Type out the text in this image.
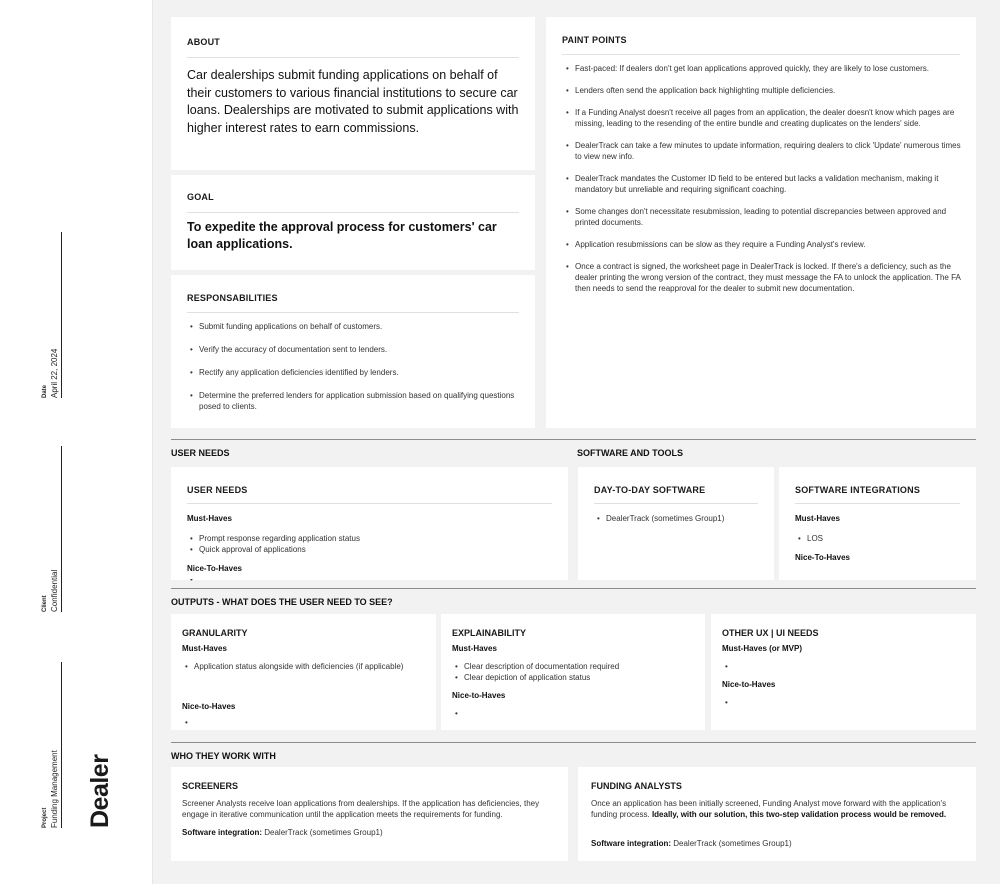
Date April 22, 2024
Client Confidential
Project Funding Management Dealer
ABOUT
Car dealerships submit funding applications on behalf of their customers to various financial institutions to secure car loans. Dealerships are motivated to submit applications with higher interest rates to earn commissions.
GOAL
To expedite the approval process for customers' car loan applications.
RESPONSABILITIES
• Submit funding applications on behalf of customers.
• Verify the accuracy of documentation sent to lenders.
• Rectify any application deficiencies identified by lenders.
• Determine the preferred lenders for application submission based on qualifying questions posed to clients.
PAINT POINTS
• Fast-paced: If dealers don't get loan applications approved quickly, they are likely to lose customers.
• Lenders often send the application back highlighting multiple deficiencies.
• If a Funding Analyst doesn't receive all pages from an application, the dealer doesn't know which pages are missing, leading to the resending of the entire bundle and creating duplicates on the lenders' side.
• DealerTrack can take a few minutes to update information, requiring dealers to click 'Update' numerous times to view new info.
• DealerTrack mandates the Customer ID field to be entered but lacks a validation mechanism, making it mandatory but unreliable and requiring significant coaching.
• Some changes don't necessitate resubmission, leading to potential discrepancies between approved and printed documents.
• Application resubmissions can be slow as they require a Funding Analyst's review.
• Once a contract is signed, the worksheet page in DealerTrack is locked. If there's a deficiency, such as the dealer printing the wrong version of the contract, they must message the FA to unlock the application. The FA then needs to send the reapproval for the dealer to submit new documentation.
USER NEEDS	SOFTWARE AND TOOLS
USER NEEDS
Must-Haves
• Prompt response regarding application status
• Quick approval of applications
Nice-To-Haves
•
DAY-TO-DAY SOFTWARE
• DealerTrack (sometimes Group1)
SOFTWARE INTEGRATIONS
Must-Haves
• LOS
Nice-To-Haves
OUTPUTS - WHAT DOES THE USER NEED TO SEE?
GRANULARITY
Must-Haves
• Application status alongside with deficiencies (if applicable)
Nice-to-Haves
•
EXPLAINABILITY
Must-Haves
• Clear description of documentation required
• Clear depiction of application status
Nice-to-Haves
•
OTHER UX | UI NEEDS
Must-Haves (or MVP)
•
Nice-to-Haves
•
WHO THEY WORK WITH
SCREENERS
Screener Analysts receive loan applications from dealerships. If the application has deficiencies, they engage in iterative communication until the application meets the requirements for funding.
Software integration: DealerTrack (sometimes Group1)
FUNDING ANALYSTS
Once an application has been initially screened, Funding Analyst move forward with the application's funding process. Ideally, with our solution, this two-step validation process would be removed.
Software integration: DealerTrack (sometimes Group1)
